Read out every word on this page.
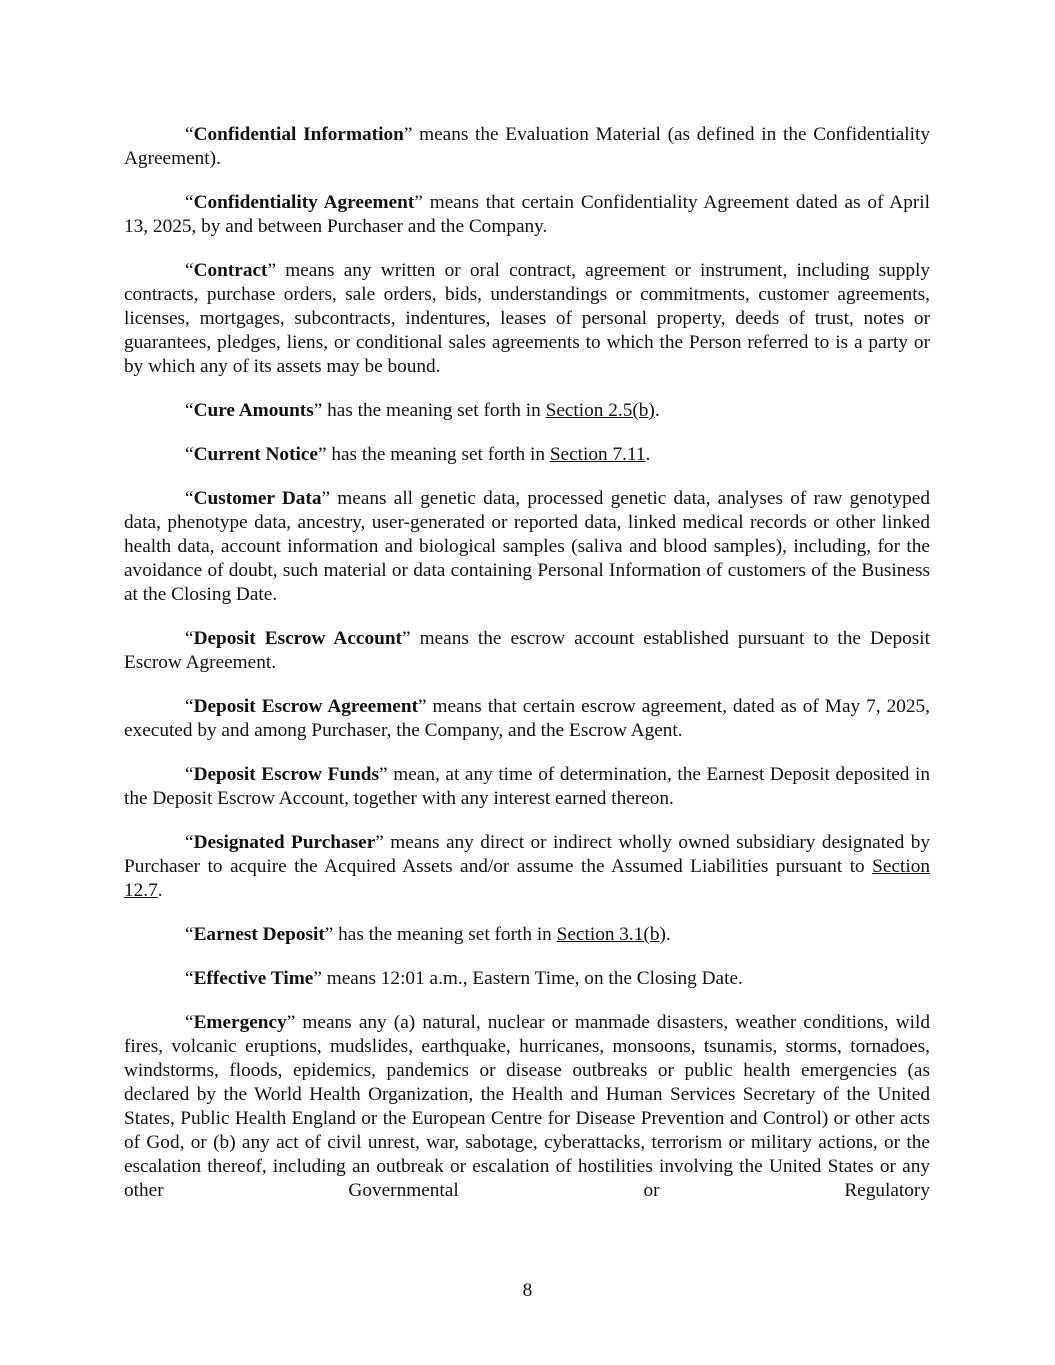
“Confidential Information” means the Evaluation Material (as defined in the Confidentiality Agreement).

“Confidentiality Agreement” means that certain Confidentiality Agreement dated as of April 13, 2025, by and between Purchaser and the Company.

“Contract” means any written or oral contract, agreement or instrument, including supply contracts, purchase orders, sale orders, bids, understandings or commitments, customer agreements, licenses, mortgages, subcontracts, indentures, leases of personal property, deeds of trust, notes or guarantees, pledges, liens, or conditional sales agreements to which the Person referred to is a party or by which any of its assets may be bound.

“Cure Amounts” has the meaning set forth in Section 2.5(b).

“Current Notice” has the meaning set forth in Section 7.11.

“Customer Data” means all genetic data, processed genetic data, analyses of raw genotyped data, phenotype data, ancestry, user-generated or reported data, linked medical records or other linked health data, account information and biological samples (saliva and blood samples), including, for the avoidance of doubt, such material or data containing Personal Information of customers of the Business at the Closing Date.

“Deposit Escrow Account” means the escrow account established pursuant to the Deposit Escrow Agreement.

“Deposit Escrow Agreement” means that certain escrow agreement, dated as of May 7, 2025, executed by and among Purchaser, the Company, and the Escrow Agent.

“Deposit Escrow Funds” mean, at any time of determination, the Earnest Deposit deposited in the Deposit Escrow Account, together with any interest earned thereon.

“Designated Purchaser” means any direct or indirect wholly owned subsidiary designated by Purchaser to acquire the Acquired Assets and/or assume the Assumed Liabilities pursuant to Section 12.7.

“Earnest Deposit” has the meaning set forth in Section 3.1(b).

“Effective Time” means 12:01 a.m., Eastern Time, on the Closing Date.

“Emergency” means any (a) natural, nuclear or manmade disasters, weather conditions, wild fires, volcanic eruptions, mudslides, earthquake, hurricanes, monsoons, tsunamis, storms, tornadoes, windstorms, floods, epidemics, pandemics or disease outbreaks or public health emergencies (as declared by the World Health Organization, the Health and Human Services Secretary of the United States, Public Health England or the European Centre for Disease Prevention and Control) or other acts of God, or (b) any act of civil unrest, war, sabotage, cyberattacks, terrorism or military actions, or the escalation thereof, including an outbreak or escalation of hostilities involving the United States or any other Governmental or Regulatory

8
